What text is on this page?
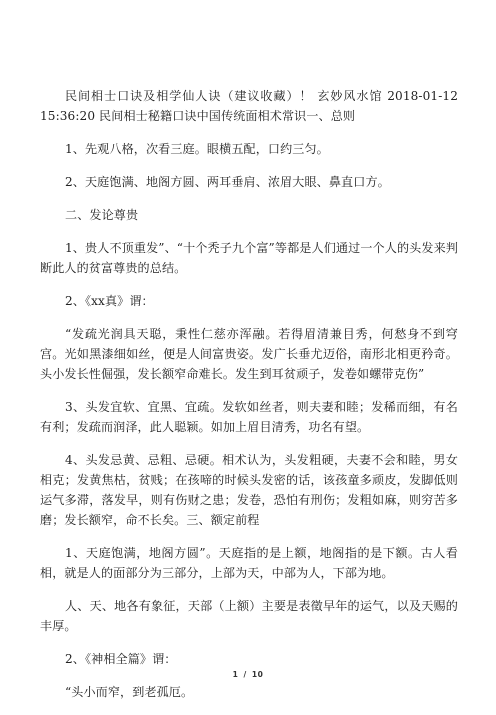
民间相士口诀及相学仙人诀（建议收藏）！ 玄妙风水馆 2018-01-12 15:36:20 民间相士秘籍口诀中国传统面相术常识一、总则

1、先观八格，次看三庭。眼横五配，口约三匀。

2、天庭饱满、地阁方圆、两耳垂肩、浓眉大眼、鼻直口方。

二、发论尊贵

1、贵人不顶重发”、“十个秃子九个富”等都是人们通过一个人的头发来判断此人的贫富尊贵的总结。

2、《xx真》谓：

“发疏光润具天聪，秉性仁慈亦浑融。若得眉清兼目秀，何愁身不到穹宫。光如黑漆细如丝，便是人间富贵姿。发广长垂尤迈俗，南形北相更矜奇。头小发长性倔强，发长额窄命难长。发生到耳贫顽子，发卷如螺带克伤”

3、头发宜软、宜黑、宜疏。发软如丝者，则夫妻和睦；发稀而细，有名有利；发疏而润泽，此人聪颖。如加上眉目清秀，功名有望。

4、头发忌黄、忌粗、忌硬。相术认为，头发粗硬，夫妻不会和睦，男女相克；发黄焦枯，贫贱；在孩啼的时候头发密的话，该孩童多顽皮，发脚低则运气多滞，落发早，则有伤财之患；发卷，恐怕有刑伤；发粗如麻，则穷苦多磨；发长额窄，命不长矣。三、额定前程

1、天庭饱满，地阁方圆”。天庭指的是上额，地阁指的是下额。古人看相，就是人的面部分为三部分，上部为天，中部为人，下部为地。

人、天、地各有象征，天部（上额）主要是表徵早年的运气，以及天赐的丰厚。

2、《神相全篇》谓：

“头小而窄，到老孤厄。

1 / 10
